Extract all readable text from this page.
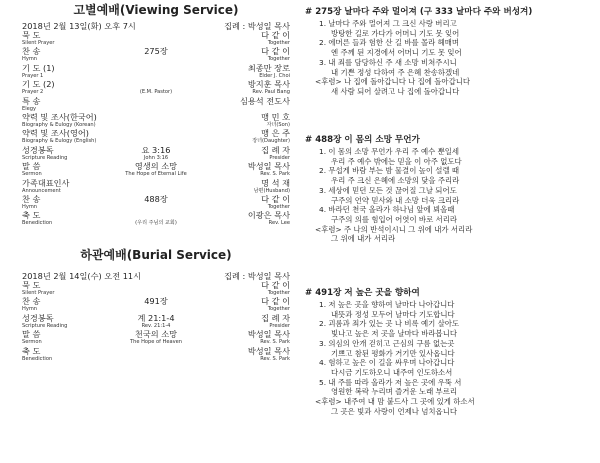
고별예배(Viewing Service)
2018년 2월 13일(화) 오후 7시	집례 : 박성일 목사
묵 도	다 같 이
Silent Prayer	Together
찬 송	275장	다 같 이
Hymn	Together
기 도 (1)	최종만 장로
Prayer 1	Elder J. Choi
기 도 (2)	방지훈 목사
Prayer 2	(E.M. Pastor)	Rev. Paul Bang
특 송	심용석 전도사
Elegy
약력 및 조사(한국어)	맹 민 호
Biography & Eulogy (Korean)	자녀(Son)
약력 및 조사(영어)	맹 은 주
Biography & Eulogy (English)	장녀(Daughter)
성경봉독	요 3:16	집 례 자
Scripture Reading	John 3:16	Presider
말 씀	영생의 소망	박성일 목사
Sermon	The Hope of Eternal Life	Rev. S. Park
가족대표인사	명 석 재
Announcement	남편(Husband)
찬 송	488장	다 같 이
Hymn	Together
축 도	이광은 목사
Benediction	(우리 주님의 교회)	Rev. Lee
하관예배(Burial Service)
2018년 2월 14일(수) 오전 11시	집례 : 박성일 목사
묵 도	다 같 이
Silent Prayer	Together
찬 송	491장	다 같 이
Hymn	Together
성경봉독	계 21:1-4	집 례 자
Scripture Reading	Rev. 21:1-4	Presider
말 씀	천국의 소망	박성일 목사
Sermon	The Hope of Heaven	Rev. S. Park
축 도	박성일 목사
Benediction	Rev. S. Park
# 275장 날마다 주와 멀어져 (구 333 날마다 주와 버성겨)
1. 날마다 주와 멀어져 그 크신 사랑 버리고
방탕한 길로 가다가 어머니 기도 못 잊어
2. 에머른 들과 험한 산 길 바를 몰라 헤매며
엔 주께 된 지경에서 어머니 기도 못 잊어
3. 내 죄를 담당하신 주 새 소망 비쳐주시니
내 기쁜 정성 다하여 주 은혜 찬송하겠네
<후렴> 나 집에 돌아갑니다 나 집에 돌아갑니다
새 사람 되어 살려고 나 집에 돌아갑니다
# 488장 이 몸의 소망 무언가
1. 이 몸의 소망 무언가 우리 주 예수 뿐일세
우리 주 예수 밖에는 믿을 이 아주 없도다
2. 무섭게 바람 부는 밤 물결이 높이 설렐 때
우리 주 크신 은혜에 소망의 닻을 주리라
3. 세상에 믿던 모든 것 끊어질 그날 되어도
구주의 언약 믿사와 내 소망 더욱 크리라
4. 바라던 천국 올라가 하나님 앞에 뵈올때
구주의 의를 힘입어 어엿이 바로 서리라
<후렴> 주 나의 반석이시니 그 위에 내가 서리라
그 위에 내가 서리라
# 491장 저 높은 곳을 향하여
1. 저 높은 곳을 향하여 날마다 나아갑니다
내뜻과 정성 모두어 날마다 기도합니다
2. 괴롬과 죄가 있는 곳 나 비록 예기 살아도
빛나고 높은 저 곳을 날마다 바라봅니다
3. 의심의 안개 걷히고 근심의 구름 없는곳
기쁘고 참된 평화가 거기만 있사옵니다
4. 험하고 높은 이 길을 싸우며 나아갑니다
다시금 기도하오니 내주여 인도하소서
5. 내 주를 따라 올라가 저 높은 곳에 우뚝 서
영원한 복락 누리며 즐거운 노래 부르리
<후렴> 내주여 내 맘 붙드사 그 곳에 있게 하소서
그 곳은 빛과 사랑이 언제나 넘치옵니다
